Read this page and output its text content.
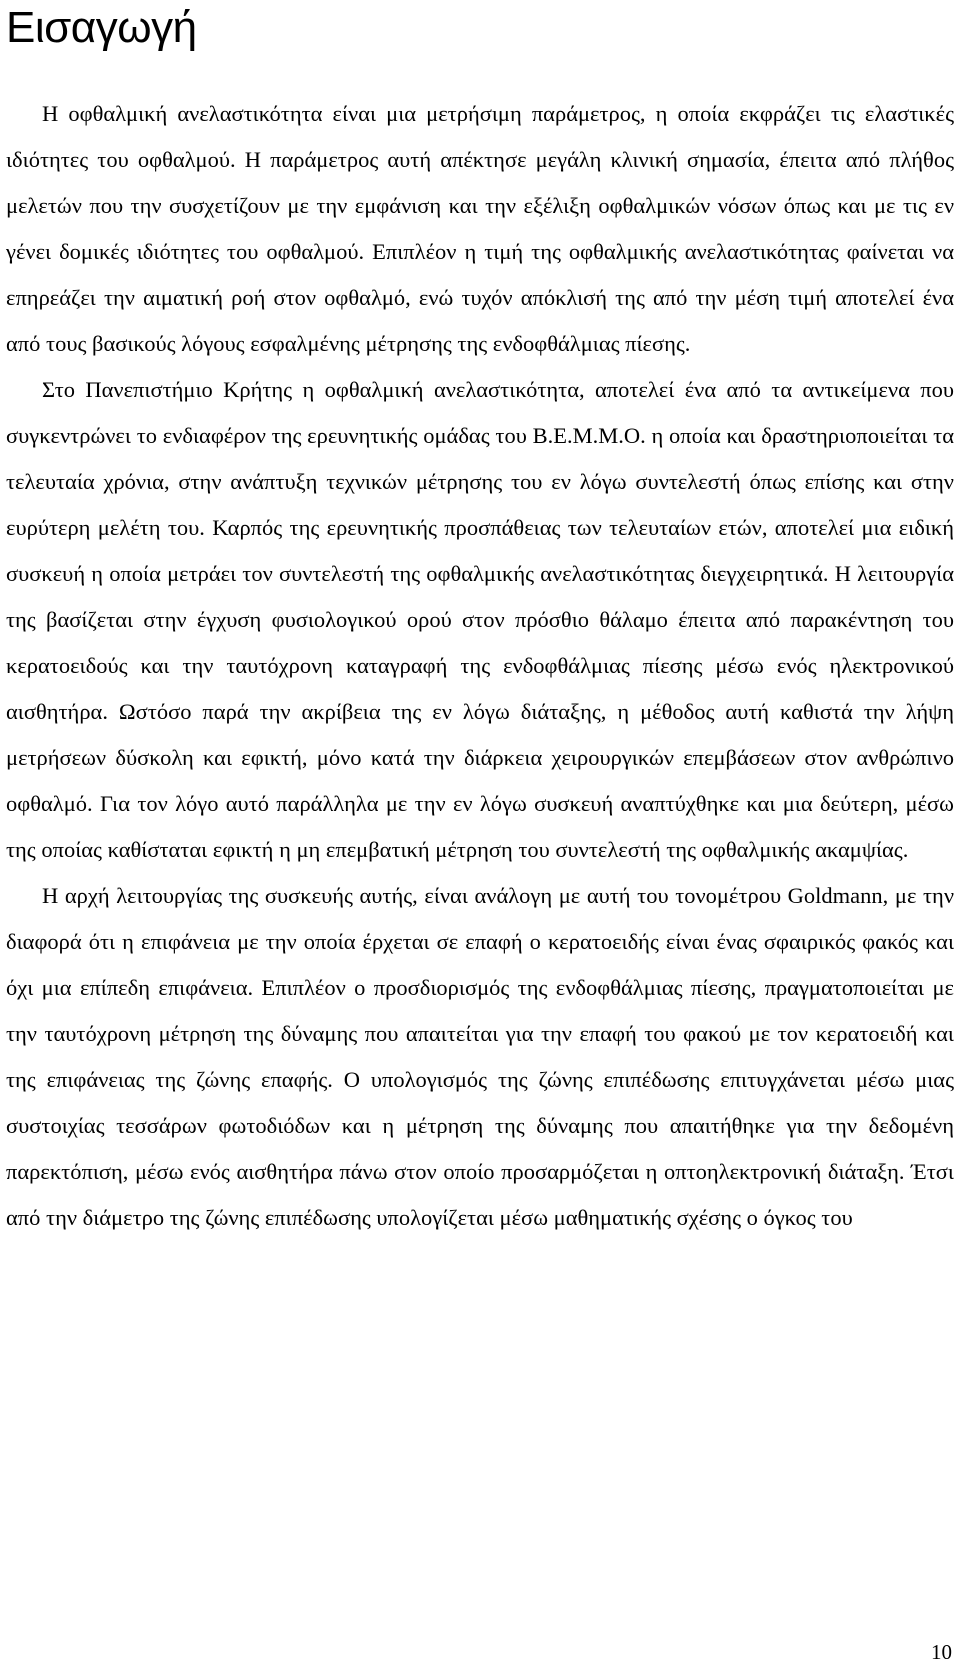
Εισαγωγή

Η οφθαλμική ανελαστικότητα είναι μια μετρήσιμη παράμετρος, η οποία εκφράζει τις ελαστικές ιδιότητες του οφθαλμού. Η παράμετρος αυτή απέκτησε μεγάλη κλινική σημασία, έπειτα από πλήθος μελετών που την συσχετίζουν με την εμφάνιση και την εξέλιξη οφθαλμικών νόσων όπως και με τις εν γένει δομικές ιδιότητες του οφθαλμού. Επιπλέον η τιμή της οφθαλμικής ανελαστικότητας φαίνεται να επηρεάζει την αιματική ροή στον οφθαλμό, ενώ τυχόν απόκλισή της από την μέση τιμή αποτελεί ένα από τους βασικούς λόγους εσφαλμένης μέτρησης της ενδοφθάλμιας πίεσης.

Στο Πανεπιστήμιο Κρήτης η οφθαλμική ανελαστικότητα, αποτελεί ένα από τα αντικείμενα που συγκεντρώνει το ενδιαφέρον της ερευνητικής ομάδας του Β.Ε.Μ.Μ.Ο. η οποία και δραστηριοποιείται τα τελευταία χρόνια, στην ανάπτυξη τεχνικών μέτρησης του εν λόγω συντελεστή όπως επίσης και στην ευρύτερη μελέτη του. Καρπός της ερευνητικής προσπάθειας των τελευταίων ετών, αποτελεί μια ειδική συσκευή η οποία μετράει τον συντελεστή της οφθαλμικής ανελαστικότητας διεγχειρητικά. Η λειτουργία της βασίζεται στην έγχυση φυσιολογικού ορού στον πρόσθιο θάλαμο έπειτα από παρακέντηση του κερατοειδούς και την ταυτόχρονη καταγραφή της ενδοφθάλμιας πίεσης μέσω ενός ηλεκτρονικού αισθητήρα. Ωστόσο παρά την ακρίβεια της εν λόγω διάταξης, η μέθοδος αυτή καθιστά την λήψη μετρήσεων δύσκολη και εφικτή, μόνο κατά την διάρκεια χειρουργικών επεμβάσεων στον ανθρώπινο οφθαλμό. Για τον λόγο αυτό παράλληλα με την εν λόγω συσκευή αναπτύχθηκε και μια δεύτερη, μέσω της οποίας καθίσταται εφικτή η μη επεμβατική μέτρηση του συντελεστή της οφθαλμικής ακαμψίας.

Η αρχή λειτουργίας της συσκευής αυτής, είναι ανάλογη με αυτή του τονομέτρου Goldmann, με την διαφορά ότι η επιφάνεια με την οποία έρχεται σε επαφή ο κερατοειδής είναι ένας σφαιρικός φακός και όχι μια επίπεδη επιφάνεια. Επιπλέον ο προσδιορισμός της ενδοφθάλμιας πίεσης, πραγματοποιείται με την ταυτόχρονη μέτρηση της δύναμης που απαιτείται για την επαφή του φακού με τον κερατοειδή και της επιφάνειας της ζώνης επαφής. Ο υπολογισμός της ζώνης επιπέδωσης επιτυγχάνεται μέσω μιας συστοιχίας τεσσάρων φωτοδιόδων και η μέτρηση της δύναμης που απαιτήθηκε για την δεδομένη παρεκτόπιση, μέσω ενός αισθητήρα πάνω στον οποίο προσαρμόζεται η οπτοηλεκτρονική διάταξη. Έτσι από την διάμετρο της ζώνης επιπέδωσης υπολογίζεται μέσω μαθηματικής σχέσης ο όγκος του

10
